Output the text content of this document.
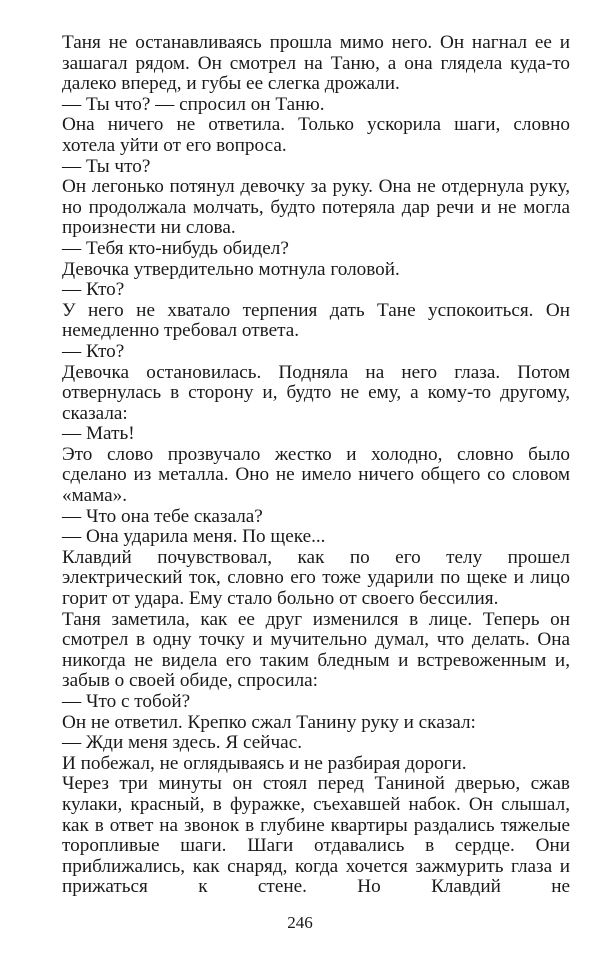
Таня не останавливаясь прошла мимо него. Он нагнал ее и зашагал рядом. Он смотрел на Таню, а она глядела куда-то далеко вперед, и губы ее слегка дрожали.

— Ты что? — спросил он Таню.

Она ничего не ответила. Только ускорила шаги, словно хотела уйти от его вопроса.

— Ты что?

Он легонько потянул девочку за руку. Она не отдернула руку, но продолжала молчать, будто потеряла дар речи и не могла произнести ни слова.

— Тебя кто-нибудь обидел?

Девочка утвердительно мотнула головой.

— Кто?

У него не хватало терпения дать Тане успокоиться. Он немедленно требовал ответа.

— Кто?

Девочка остановилась. Подняла на него глаза. Потом отвернулась в сторону и, будто не ему, а кому-то другому, сказала:

— Мать!

Это слово прозвучало жестко и холодно, словно было сделано из металла. Оно не имело ничего общего со словом «мама».

— Что она тебе сказала?

— Она ударила меня. По щеке...

Клавдий почувствовал, как по его телу прошел электрический ток, словно его тоже ударили по щеке и лицо горит от удара. Ему стало больно от своего бессилия.

Таня заметила, как ее друг изменился в лице. Теперь он смотрел в одну точку и мучительно думал, что делать. Она никогда не видела его таким бледным и встревоженным и, забыв о своей обиде, спросила:

— Что с тобой?

Он не ответил. Крепко сжал Танину руку и сказал:

— Жди меня здесь. Я сейчас.

И побежал, не оглядываясь и не разбирая дороги.

Через три минуты он стоял перед Таниной дверью, сжав кулаки, красный, в фуражке, съехавшей набок. Он слышал, как в ответ на звонок в глубине квартиры раздались тяжелые торопливые шаги. Шаги отдавались в сердце. Они приближались, как снаряд, когда хочется зажмурить глаза и прижаться к стене. Но Клавдий не

246
